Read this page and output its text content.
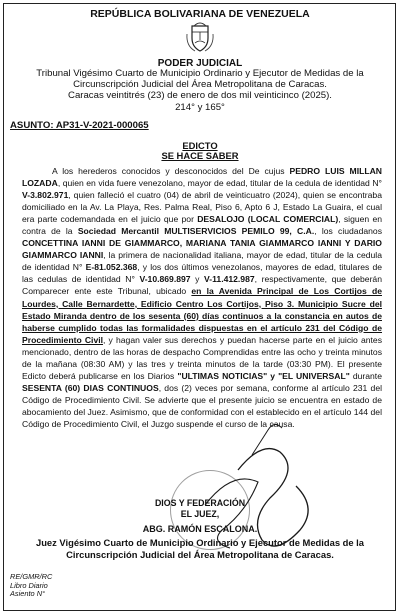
REPÚBLICA BOLIVARIANA DE VENEZUELA
PODER JUDICIAL
Tribunal Vigésimo Cuarto de Municipio Ordinario y Ejecutor de Medidas de la
Circunscripción Judicial del Área Metropolitana de Caracas.
Caracas veintitrés (23) de enero de dos mil veinticinco (2025).
214° y 165°
ASUNTO: AP31-V-2021-000065
EDICTO
SE HACE SABER
A los herederos conocidos y desconocidos del De cujus PEDRO LUIS MILLAN LOZADA, quien en vida fuere venezolano, mayor de edad, titular de la cedula de identidad N° V-3.802.971, quien falleció el cuatro (04) de abril de veinticuatro (2024), quien se encontraba domiciliado en la Av. La Playa, Res. Palma Real, Piso 6, Apto 6 J, Estado La Guaira, el cual era parte codemandada en el juicio que por DESALOJO (LOCAL COMERCIAL), siguen en contra de la Sociedad Mercantil MULTISERVICIOS PEMILO 99, C.A., los ciudadanos CONCETTINA IANNI DE GIAMMARCO, MARIANA TANIA GIAMMARCO IANNI Y DARIO GIAMMARCO IANNI, la primera de nacionalidad italiana, mayor de edad, titular de la cedula de identidad N° E-81.052.368, y los dos últimos venezolanos, mayores de edad, titulares de las cedulas de identidad N° V-10.869.897 y V-11.412.987, respectivamente, que deberán Comparecer ente este Tribunal, ubicado en la Avenida Principal de Los Cortijos de Lourdes, Calle Bernardette, Edificio Centro Los Cortijos, Piso 3. Municipio Sucre del Estado Miranda dentro de los sesenta (60) días continuos a la constancia en autos de haberse cumplido todas las formalidades dispuestas en el artículo 231 del Código de Procedimiento Civil, y hagan valer sus derechos y puedan hacerse parte en el juicio antes mencionado, dentro de las horas de despacho Comprendidas entre las ocho y treinta minutos de la mañana (08:30 AM) y las tres y treinta minutos de la tarde (03:30 PM). El presente Edicto deberá publicarse en los Diarios "ULTIMAS NOTICIAS" y "EL UNIVERSAL" durante SESENTA (60) DIAS CONTINUOS, dos (2) veces por semana, conforme al artículo 231 del Código de Procedimiento Civil. Se advierte que el presente juicio se encuentra en estado de abocamiento del Juez. Asimismo, que de conformidad con el establecido en el artículo 144 del Código de Procedimiento Civil, el Juzgo suspende el curso de la causa.
DIOS Y FEDERACIÓN
EL JUEZ,
ABG. RAMÓN ESCALONA.
Juez Vigésimo Cuarto de Municipio Ordinario y Ejecutor de Medidas de la
Circunscripción Judicial del Área Metropolitana de Caracas.
RE/GMR/RC
Libro Diario
Asiento N°
